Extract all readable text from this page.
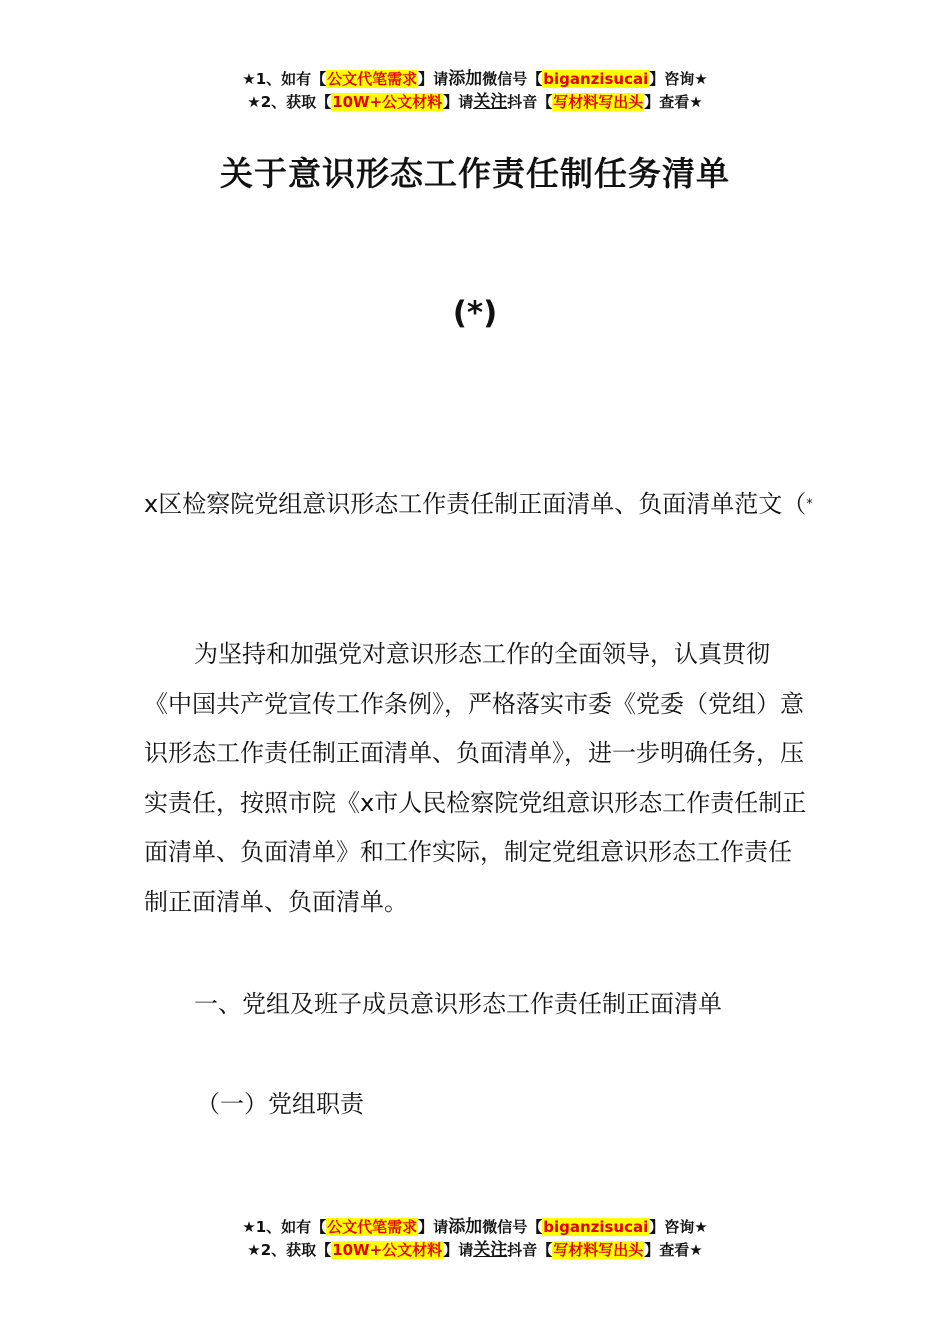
★1、如有【公文代笔需求】请添加微信号【biganzisucai】咨询★
★2、获取【10W+公文材料】请关注抖音【写材料写出头】查看★
关于意识形态工作责任制任务清单
(*)
x区检察院党组意识形态工作责任制正面清单、负面清单范文（*
为坚持和加强党对意识形态工作的全面领导，认真贯彻《中国共产党宣传工作条例》，严格落实市委《党委（党组）意识形态工作责任制正面清单、负面清单》，进一步明确任务，压实责任，按照市院《x市人民检察院党组意识形态工作责任制正面清单、负面清单》和工作实际，制定党组意识形态工作责任制正面清单、负面清单。
一、党组及班子成员意识形态工作责任制正面清单
（一）党组职责
★1、如有【公文代笔需求】请添加微信号【biganzisucai】咨询★
★2、获取【10W+公文材料】请关注抖音【写材料写出头】查看★
